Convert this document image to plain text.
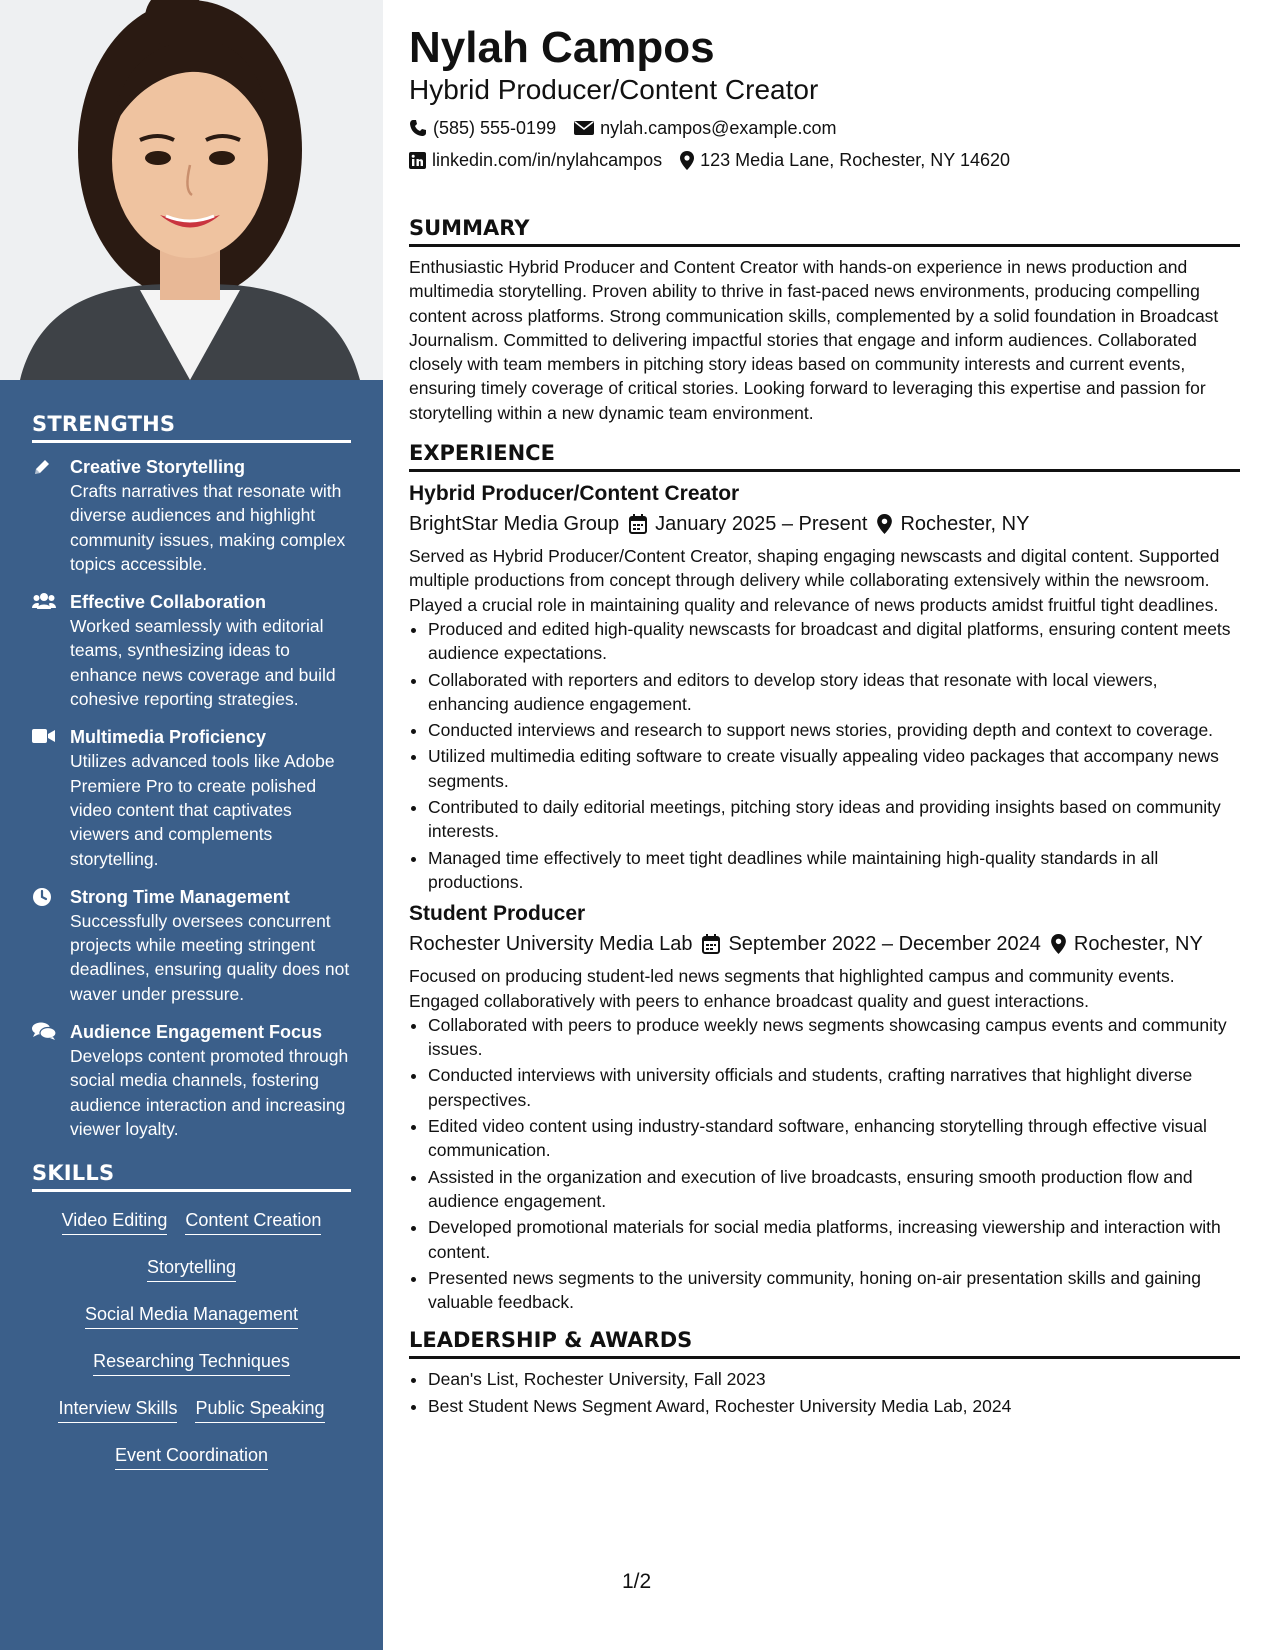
STRENGTHS
Creative Storytelling
Crafts narratives that resonate with diverse audiences and highlight community issues, making complex topics accessible.
Effective Collaboration
Worked seamlessly with editorial teams, synthesizing ideas to enhance news coverage and build cohesive reporting strategies.
Multimedia Proficiency
Utilizes advanced tools like Adobe Premiere Pro to create polished video content that captivates viewers and complements storytelling.
Strong Time Management
Successfully oversees concurrent projects while meeting stringent deadlines, ensuring quality does not waver under pressure.
Audience Engagement Focus
Develops content promoted through social media channels, fostering audience interaction and increasing viewer loyalty.
SKILLS
Video Editing Content Creation
Storytelling
Social Media Management
Researching Techniques
Interview Skills Public Speaking
Event Coordination
Nylah Campos
Hybrid Producer/Content Creator
(585) 555-0199 nylah.campos@example.com
linkedin.com/in/nylahcampos 123 Media Lane, Rochester, NY 14620
SUMMARY

Enthusiastic Hybrid Producer and Content Creator with hands-on experience in news production and multimedia storytelling. Proven ability to thrive in fast-paced news environments, producing compelling content across platforms. Strong communication skills, complemented by a solid foundation in Broadcast Journalism. Committed to delivering impactful stories that engage and inform audiences. Collaborated closely with team members in pitching story ideas based on community interests and current events, ensuring timely coverage of critical stories. Looking forward to leveraging this expertise and passion for storytelling within a new dynamic team environment.

EXPERIENCE
Hybrid Producer/Content Creator
BrightStar Media Group January 2025 – Present Rochester, NY

Served as Hybrid Producer/Content Creator, shaping engaging newscasts and digital content. Supported multiple productions from concept through delivery while collaborating extensively within the newsroom. Played a crucial role in maintaining quality and relevance of news products amidst fruitful tight deadlines.

• Produced and edited high-quality newscasts for broadcast and digital platforms, ensuring content meets audience expectations.
• Collaborated with reporters and editors to develop story ideas that resonate with local viewers, enhancing audience engagement.
• Conducted interviews and research to support news stories, providing depth and context to coverage.
• Utilized multimedia editing software to create visually appealing video packages that accompany news segments.
• Contributed to daily editorial meetings, pitching story ideas and providing insights based on community interests.
• Managed time effectively to meet tight deadlines while maintaining high-quality standards in all productions.
Student Producer
Rochester University Media Lab September 2022 – December 2024 Rochester, NY

Focused on producing student-led news segments that highlighted campus and community events. Engaged collaboratively with peers to enhance broadcast quality and guest interactions.

• Collaborated with peers to produce weekly news segments showcasing campus events and community issues.
• Conducted interviews with university officials and students, crafting narratives that highlight diverse perspectives.
• Edited video content using industry-standard software, enhancing storytelling through effective visual communication.
• Assisted in the organization and execution of live broadcasts, ensuring smooth production flow and audience engagement.
• Developed promotional materials for social media platforms, increasing viewership and interaction with content.
• Presented news segments to the university community, honing on-air presentation skills and gaining valuable feedback.
LEADERSHIP & AWARDS
• Dean's List, Rochester University, Fall 2023
• Best Student News Segment Award, Rochester University Media Lab, 2024
1/2
